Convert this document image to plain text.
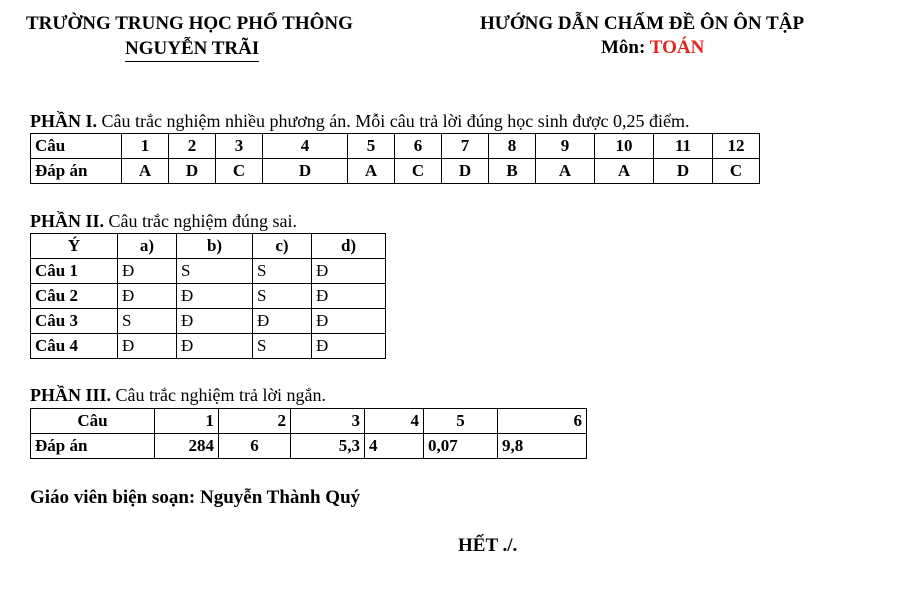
TRƯỜNG TRUNG HỌC PHỔ THÔNG
NGUYỄN TRÃI
HƯỚNG DẪN CHẤM ĐỀ ÔN ÔN TẬP
Môn: TOÁN
PHẦN I. Câu trắc nghiệm nhiều phương án. Mỗi câu trả lời đúng học sinh được 0,25 điểm.
Câu	1	2	3	4	5	6	7	8	9	10	11	12
Đáp án	A	D	C	D	A	C	D	B	A	A	D	C
PHẦN II. Câu trắc nghiệm đúng sai.
Ý	a)	b)	c)	d)
Câu 1	Đ	S	S	Đ
Câu 2	Đ	Đ	S	Đ
Câu 3	S	Đ	Đ	Đ
Câu 4	Đ	Đ	S	Đ
PHẦN III. Câu trắc nghiệm trả lời ngắn.
Câu	1	2	3	4	5	6
Đáp án	284	6	5,3	4	0,07	9,8
Giáo viên biện soạn: Nguyễn Thành Quý
HẾT ./.
